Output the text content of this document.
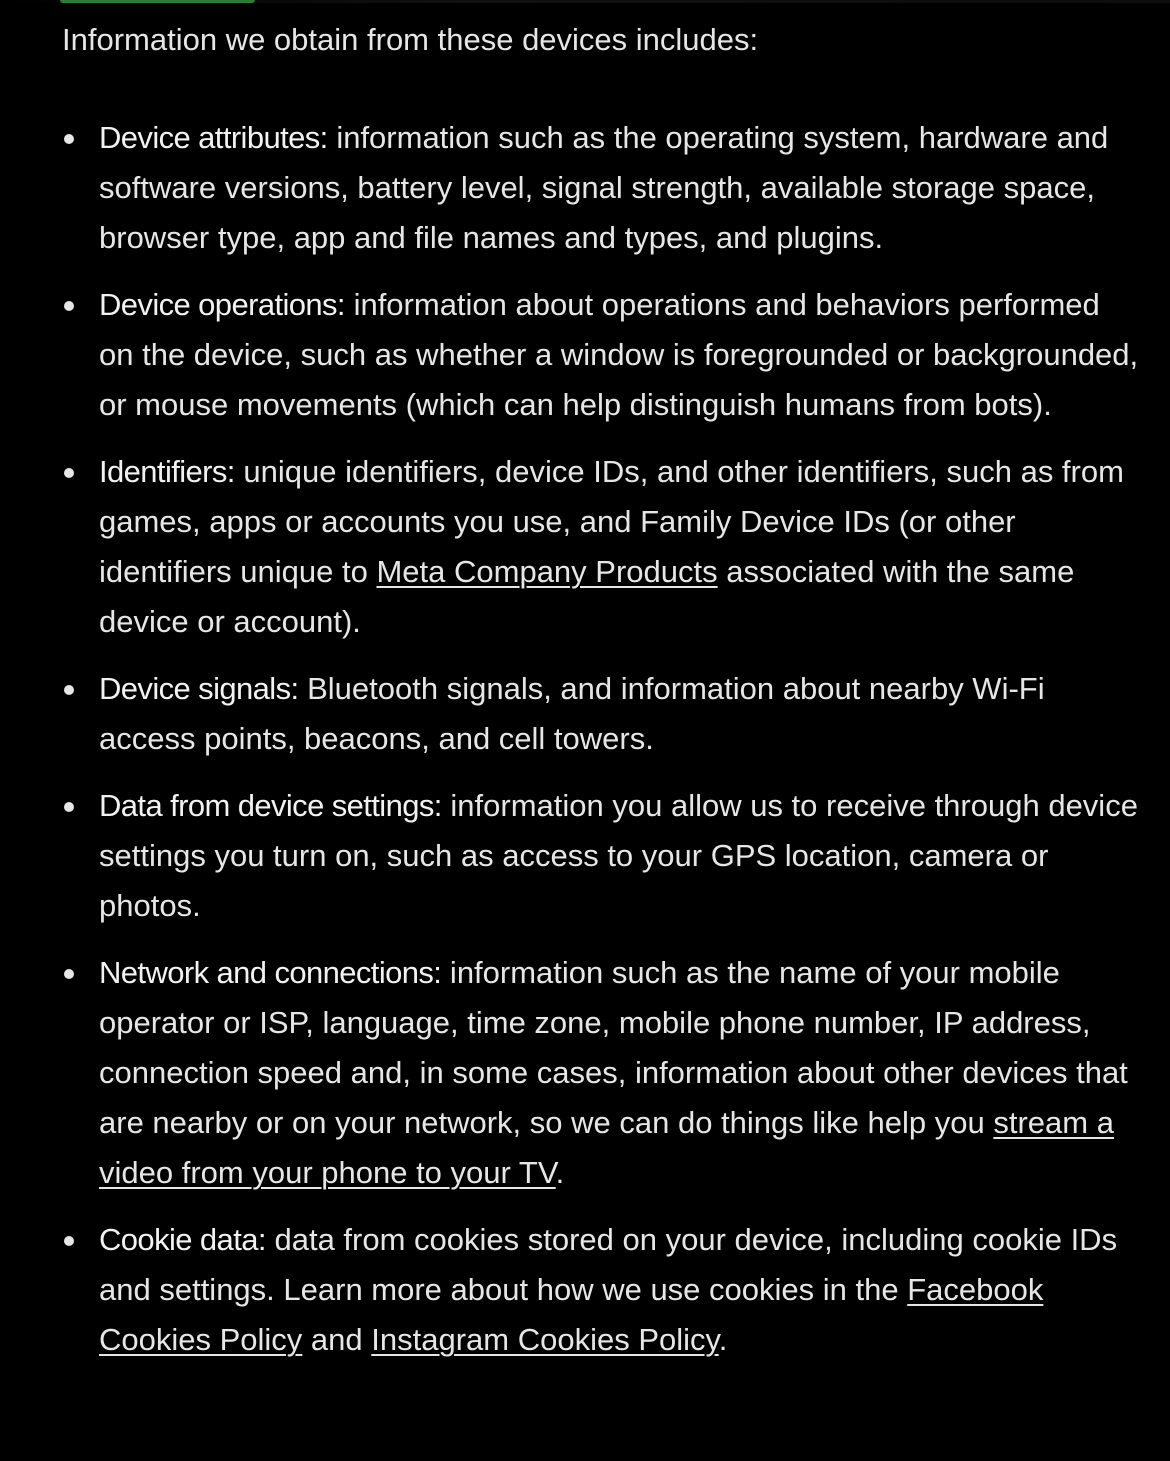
Information we obtain from these devices includes:
Device attributes: information such as the operating system, hardware and software versions, battery level, signal strength, available storage space, browser type, app and file names and types, and plugins.
Device operations: information about operations and behaviors performed on the device, such as whether a window is foregrounded or backgrounded, or mouse movements (which can help distinguish humans from bots).
Identifiers: unique identifiers, device IDs, and other identifiers, such as from games, apps or accounts you use, and Family Device IDs (or other identifiers unique to Meta Company Products associated with the same device or account).
Device signals: Bluetooth signals, and information about nearby Wi-Fi access points, beacons, and cell towers.
Data from device settings: information you allow us to receive through device settings you turn on, such as access to your GPS location, camera or photos.
Network and connections: information such as the name of your mobile operator or ISP, language, time zone, mobile phone number, IP address, connection speed and, in some cases, information about other devices that are nearby or on your network, so we can do things like help you stream a video from your phone to your TV.
Cookie data: data from cookies stored on your device, including cookie IDs and settings. Learn more about how we use cookies in the Facebook Cookies Policy and Instagram Cookies Policy.
